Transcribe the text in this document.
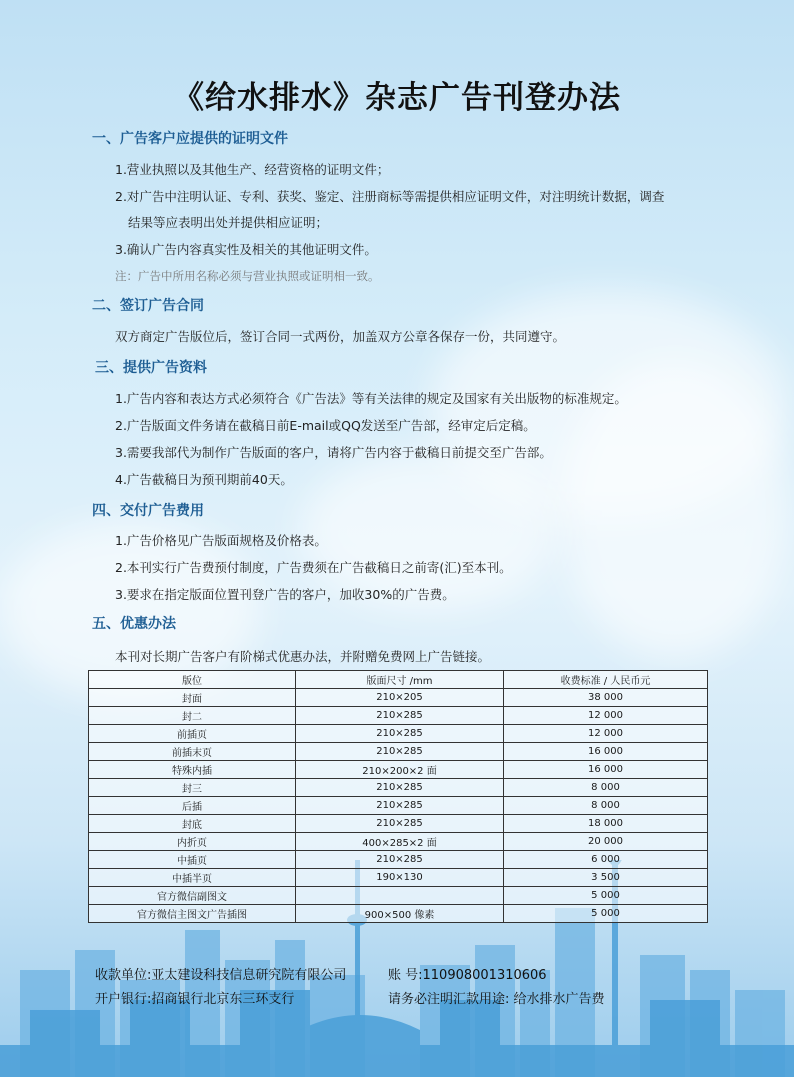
《给水排水》杂志广告刊登办法
一、广告客户应提供的证明文件
1.营业执照以及其他生产、经营资格的证明文件；
2.对广告中注明认证、专利、获奖、鉴定、注册商标等需提供相应证明文件，对注明统计数据，调查
结果等应表明出处并提供相应证明；
3.确认广告内容真实性及相关的其他证明文件。
注：广告中所用名称必须与营业执照或证明相一致。
二、签订广告合同
双方商定广告版位后，签订合同一式两份，加盖双方公章各保存一份，共同遵守。
三、提供广告资料
1.广告内容和表达方式必须符合《广告法》等有关法律的规定及国家有关出版物的标准规定。
2.广告版面文件务请在截稿日前E-mail或QQ发送至广告部，经审定后定稿。
3.需要我部代为制作广告版面的客户，请将广告内容于截稿日前提交至广告部。
4.广告截稿日为预刊期前40天。
四、交付广告费用
1.广告价格见广告版面规格及价格表。
2.本刊实行广告费预付制度，广告费须在广告截稿日之前寄(汇)至本刊。
3.要求在指定版面位置刊登广告的客户，加收30%的广告费。
五、优惠办法
本刊对长期广告客户有阶梯式优惠办法，并附赠免费网上广告链接。
版位	版面尺寸 /mm	收费标准 / 人民币元
封面	210×205	38 000
封二	210×285	12 000
前插页	210×285	12 000
前插末页	210×285	16 000
特殊内插	210×200×2 面	16 000
封三	210×285	8 000
后插	210×285	8 000
封底	210×285	18 000
内折页	400×285×2 面	20 000
中插页	210×285	6 000
中插半页	190×130	3 500
官方微信副图文		5 000
官方微信主图文广告插图	900×500 像素	5 000
收款单位:亚太建设科技信息研究院有限公司	账 号:110908001310606
开户银行:招商银行北京东三环支行	请务必注明汇款用途: 给水排水广告费
